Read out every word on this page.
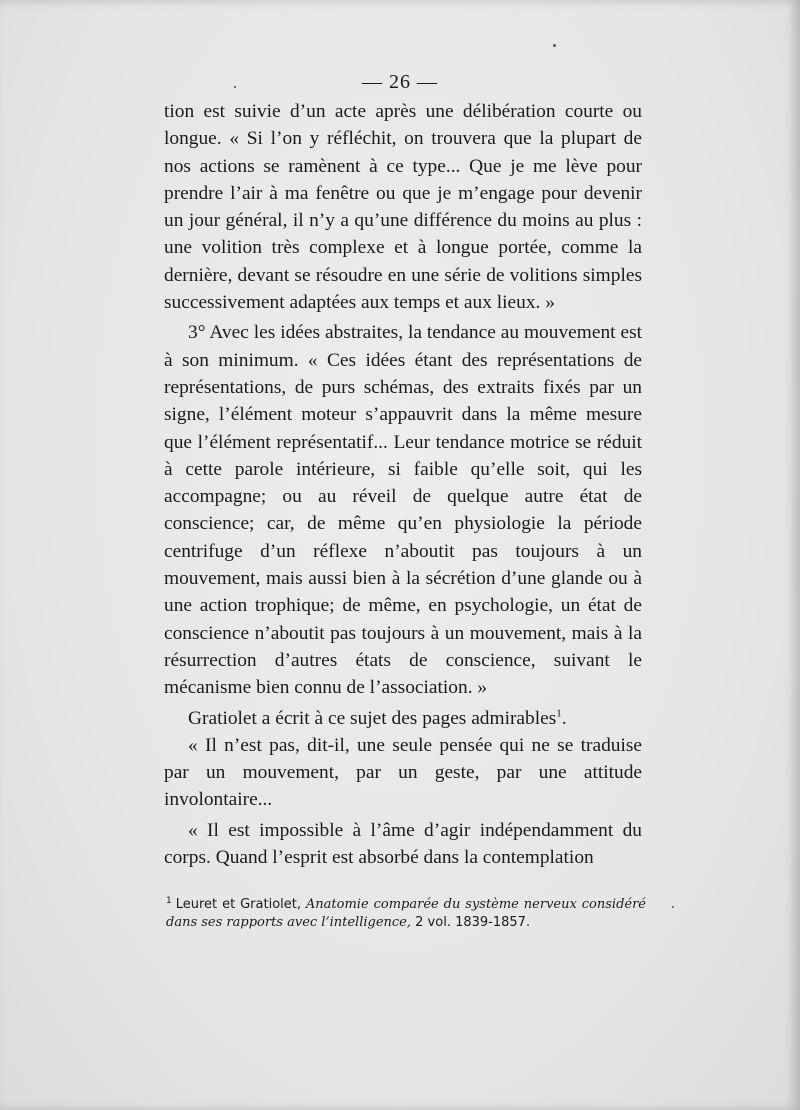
— 26 —

tion est suivie d’un acte après une délibération courte ou longue. « Si l’on y réfléchit, on trouvera que la plupart de nos actions se ramènent à ce type... Que je me lève pour prendre l’air à ma fenêtre ou que je m’engage pour devenir un jour général, il n’y a qu’une différence du moins au plus : une volition très complexe et à longue portée, comme la dernière, devant se résoudre en une série de volitions simples successivement adaptées aux temps et aux lieux. »

3° Avec les idées abstraites, la tendance au mouvement est à son minimum. « Ces idées étant des représentations de représentations, de purs schémas, des extraits fixés par un signe, l’élément moteur s’appauvrit dans la même mesure que l’élément représentatif... Leur tendance motrice se réduit à cette parole intérieure, si faible qu’elle soit, qui les accompagne; ou au réveil de quelque autre état de conscience; car, de même qu’en physiologie la période centrifuge d’un réflexe n’aboutit pas toujours à un mouvement, mais aussi bien à la sécrétion d’une glande ou à une action trophique; de même, en psychologie, un état de conscience n’aboutit pas toujours à un mouvement, mais à la résurrection d’autres états de conscience, suivant le mécanisme bien connu de l’association. »

Gratiolet a écrit à ce sujet des pages admirables$^1$.

« Il n’est pas, dit-il, une seule pensée qui ne se traduise par un mouvement, par un geste, par une attitude involontaire...

« Il est impossible à l’âme d’agir indépendamment du corps. Quand l’esprit est absorbé dans la contemplation

$^1$ Leuret et Gratiolet, Anatomie comparée du système nerveux considéré dans ses rapports avec l’intelligence, 2 vol. 1839-1857.
